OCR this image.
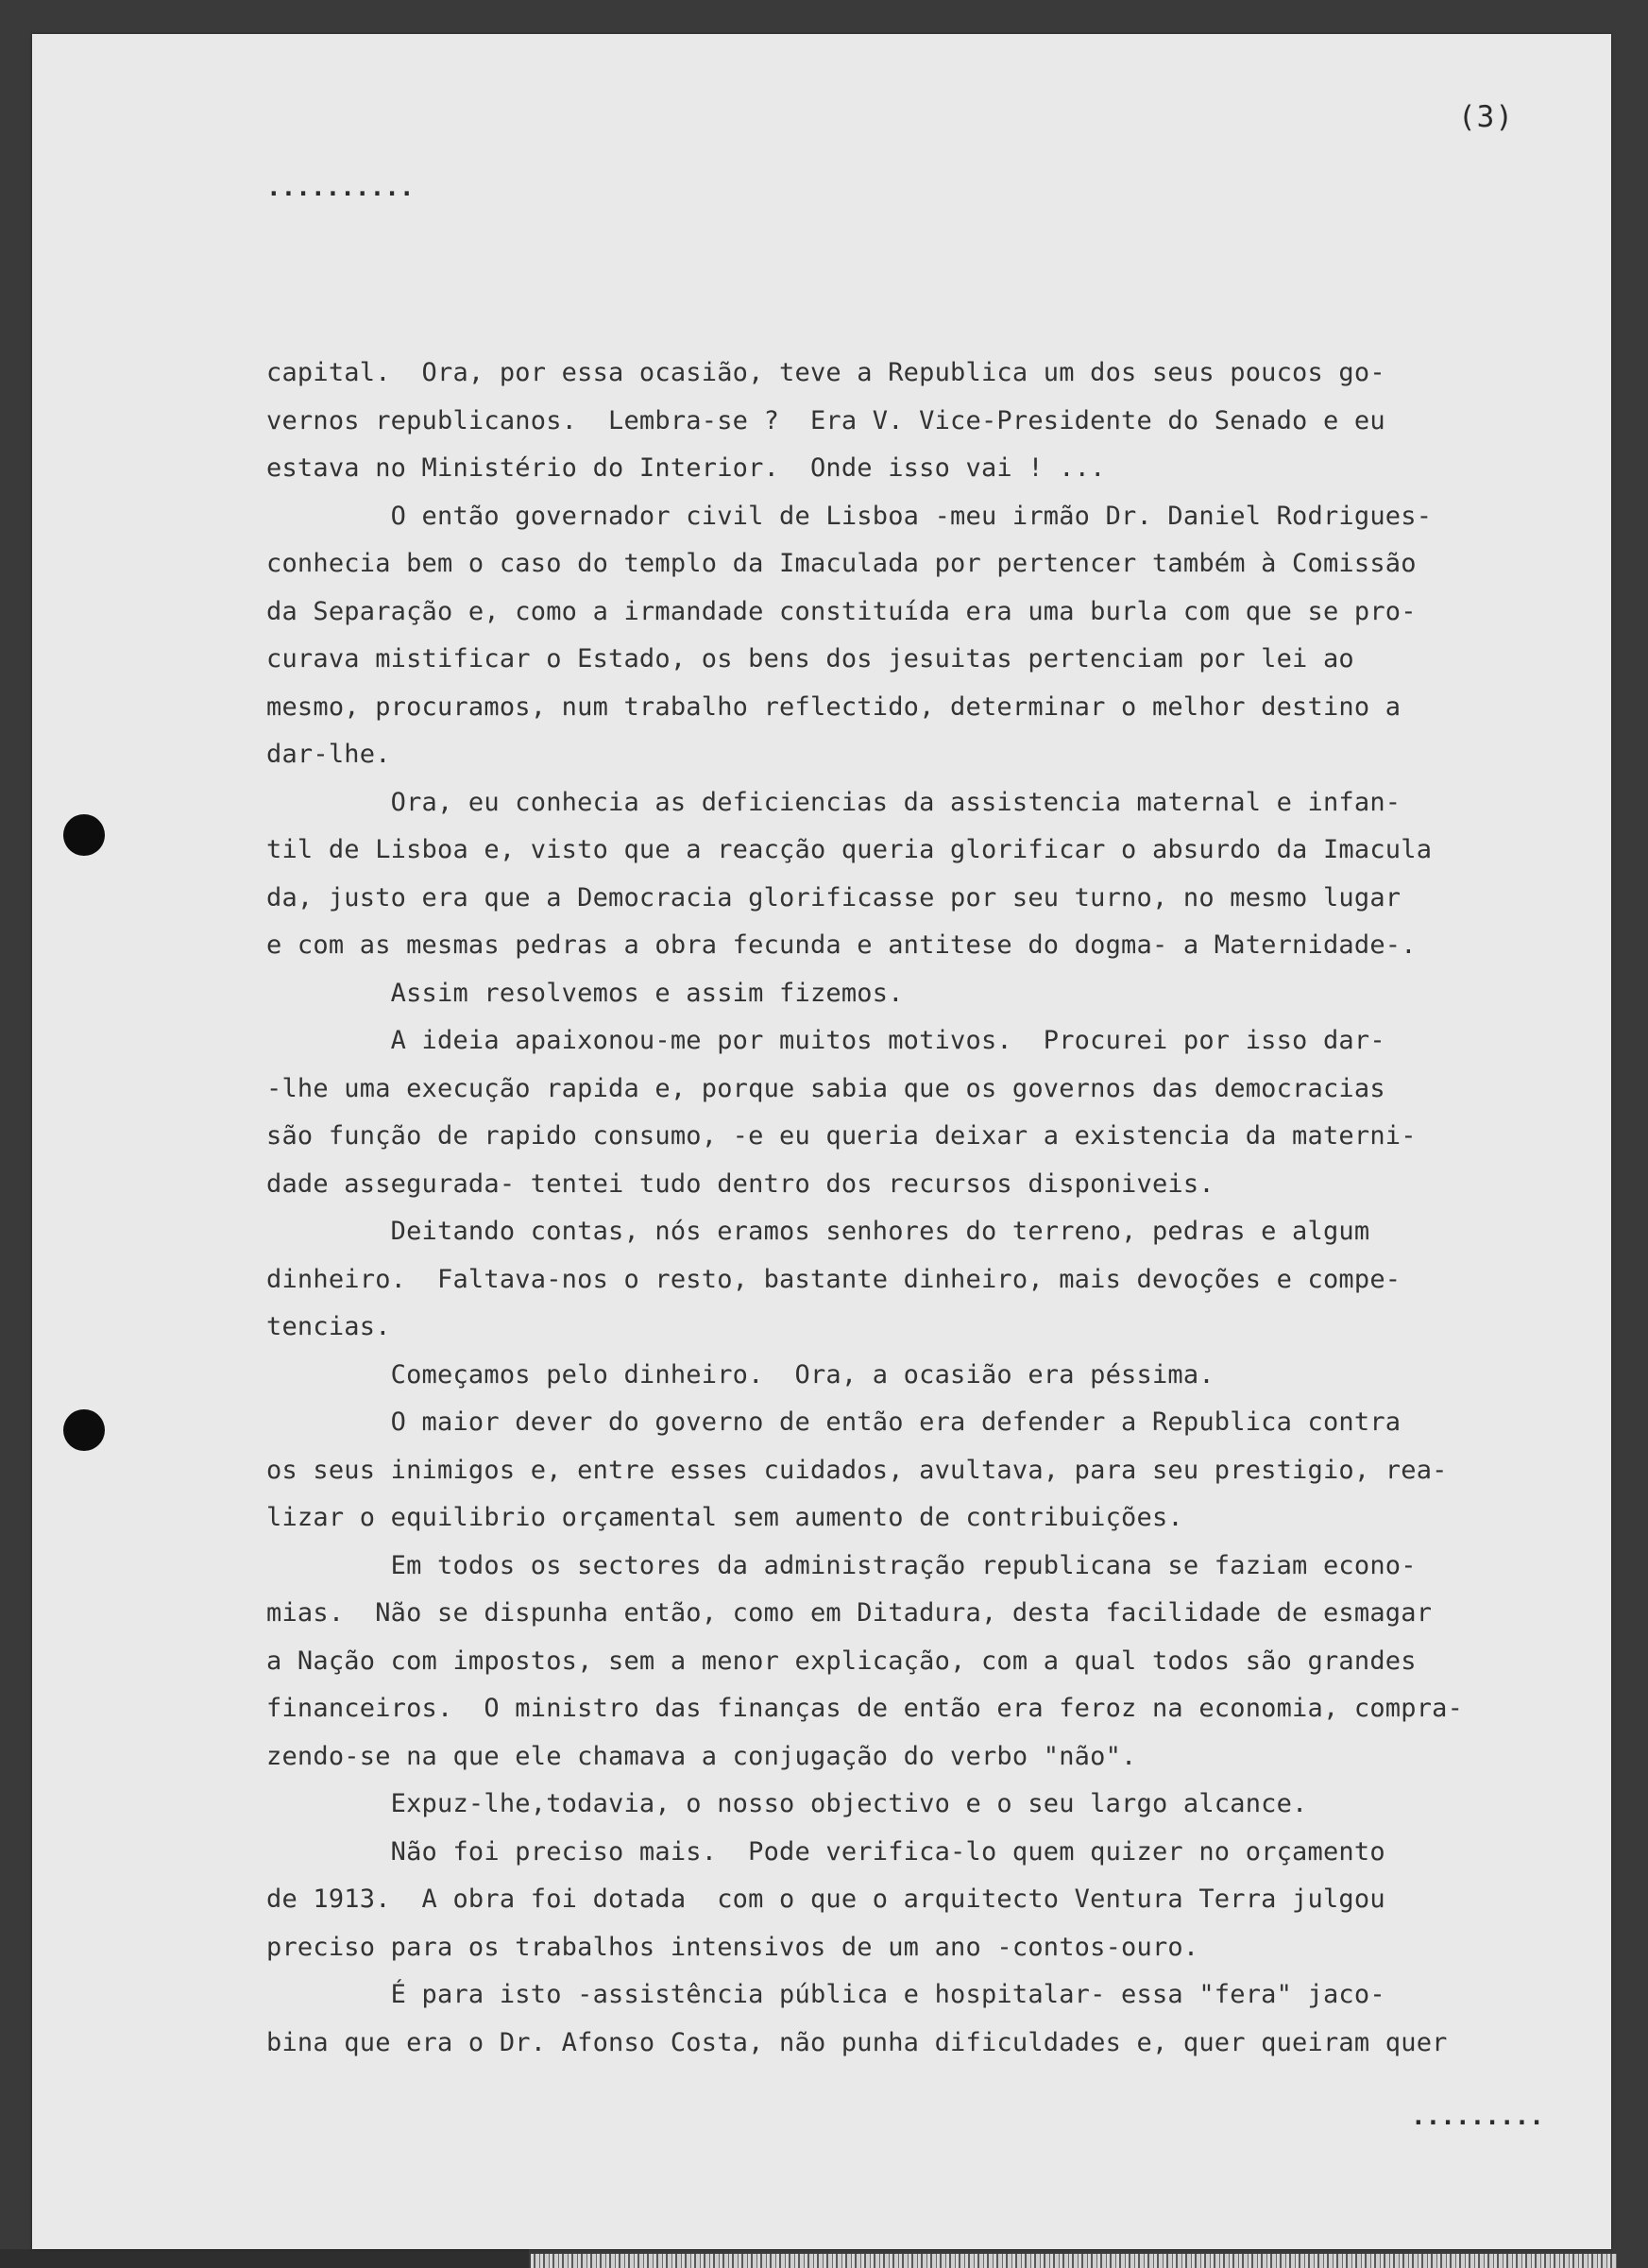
(3)
..........
capital.  Ora, por essa ocasião, teve a Republica um dos seus poucos go-
vernos republicanos.  Lembra-se ?  Era V. Vice-Presidente do Senado e eu
estava no Ministério do Interior.  Onde isso vai ! ...
O então governador civil de Lisboa -meu irmão Dr. Daniel Rodrigues-
conhecia bem o caso do templo da Imaculada por pertencer também à Comissão
da Separação e, como a irmandade constituída era uma burla com que se pro-
curava mistificar o Estado, os bens dos jesuitas pertenciam por lei ao
mesmo, procuramos, num trabalho reflectido, determinar o melhor destino a
dar-lhe.
Ora, eu conhecia as deficiencias da assistencia maternal e infan-
til de Lisboa e, visto que a reacção queria glorificar o absurdo da Imacula
da, justo era que a Democracia glorificasse por seu turno, no mesmo lugar
e com as mesmas pedras a obra fecunda e antitese do dogma- a Maternidade-.
Assim resolvemos e assim fizemos.
A ideia apaixonou-me por muitos motivos.  Procurei por isso dar-
-lhe uma execução rapida e, porque sabia que os governos das democracias
são função de rapido consumo, -e eu queria deixar a existencia da materni-
dade assegurada- tentei tudo dentro dos recursos disponiveis.
Deitando contas, nós eramos senhores do terreno, pedras e algum
dinheiro.  Faltava-nos o resto, bastante dinheiro, mais devoções e compe-
tencias.
Começamos pelo dinheiro.  Ora, a ocasião era péssima.
O maior dever do governo de então era defender a Republica contra
os seus inimigos e, entre esses cuidados, avultava, para seu prestigio, rea-
lizar o equilibrio orçamental sem aumento de contribuições.
Em todos os sectores da administração republicana se faziam econo-
mias.  Não se dispunha então, como em Ditadura, desta facilidade de esmagar
a Nação com impostos, sem a menor explicação, com a qual todos são grandes
financeiros.  O ministro das finanças de então era feroz na economia, compra-
zendo-se na que ele chamava a conjugação do verbo "não".
Expuz-lhe,todavia, o nosso objectivo e o seu largo alcance.
Não foi preciso mais.  Pode verifica-lo quem quizer no orçamento
de 1913.  A obra foi dotada  com o que o arquitecto Ventura Terra julgou
preciso para os trabalhos intensivos de um ano -contos-ouro.
É para isto -assistência pública e hospitalar- essa "fera" jaco-
bina que era o Dr. Afonso Costa, não punha dificuldades e, quer queiram quer
.........
